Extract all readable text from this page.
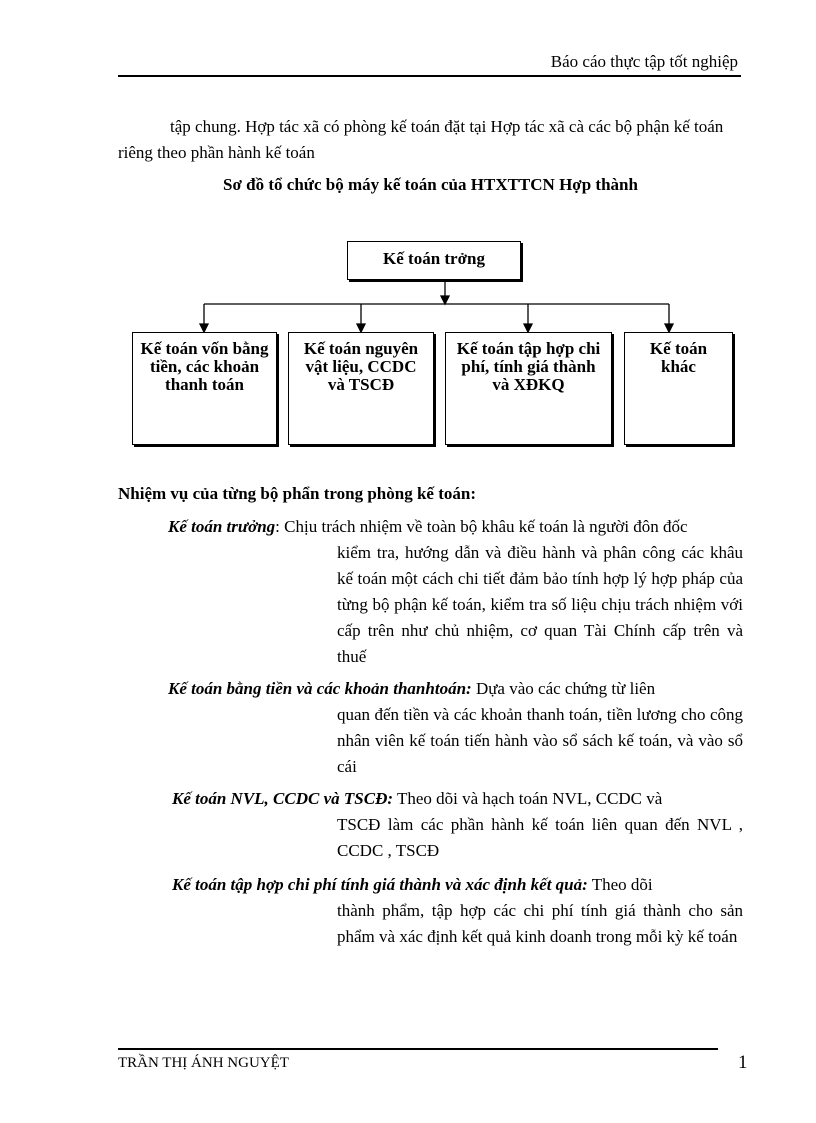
Báo cáo thực tập tốt nghiệp
tập chung. Hợp tác xã có phòng kế toán đặt tại Hợp tác xã cà các bộ phận kế toán riêng theo phần hành kế toán
Sơ đồ tổ chức bộ máy kế toán của HTXTTCN Hợp thành
Kế toán trởng
Kế toán vốn bằng tiền, các khoản thanh toán
Kế toán nguyên vật liệu, CCDC và TSCĐ
Kế toán tập hợp chi phí, tính giá thành và XĐKQ
Kế toán khác
Nhiệm vụ của từng bộ phẩn trong phòng kế toán:
Kế toán trưởng: Chịu trách nhiệm về toàn bộ khâu kế toán là người đôn đốc
kiểm tra, hướng dẫn và điều hành và phân công các khâu kế toán một cách chi tiết đảm bảo tính hợp lý hợp pháp của từng bộ phận kế toán, kiểm tra số liệu chịu trách nhiệm với cấp trên như chủ nhiệm, cơ quan Tài Chính cấp trên và thuế
Kế toán bằng tiền và các khoản thanhtoán: Dựa vào các chứng từ liên
quan đến tiền và các khoản thanh toán, tiền lương cho công nhân viên kế toán tiến hành vào sổ sách kế toán, và vào sổ cái
Kế toán NVL, CCDC và TSCĐ: Theo dõi và hạch toán NVL, CCDC và
TSCĐ làm các phần hành kế toán liên quan đến NVL , CCDC , TSCĐ
Kế toán tập hợp chi phí tính giá thành và xác định kết quả: Theo dõi
thành phẩm, tập hợp các chi phí tính giá thành cho sản phẩm và xác định kết quả kinh doanh trong mỗi kỳ kế toán
TRẦN THỊ ÁNH NGUYỆT	1
